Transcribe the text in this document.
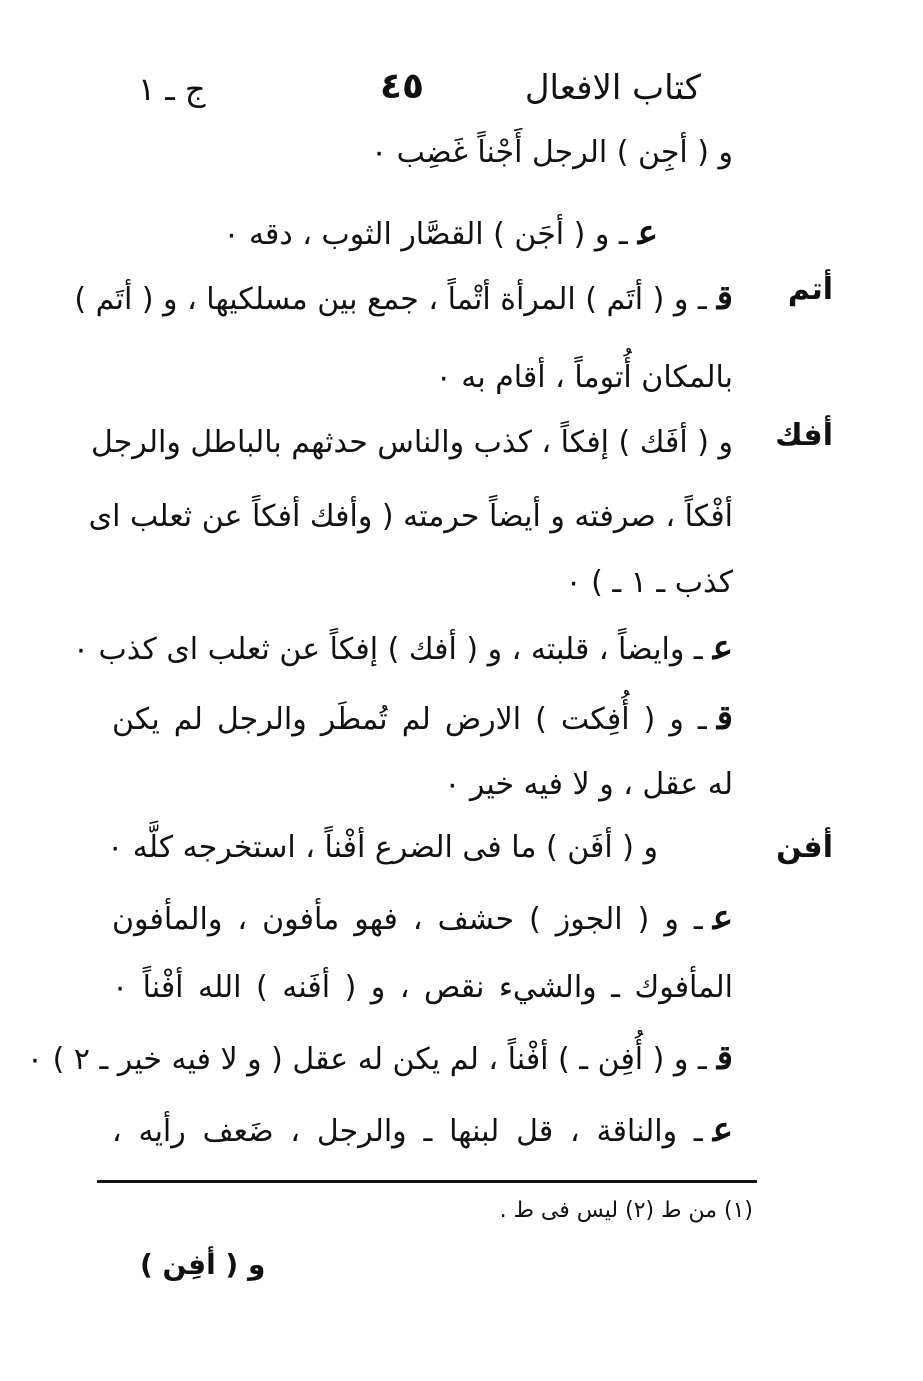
كتاب الافعال
٤٥
ج ـ ١
أتم
أفك
أفن
و ( أجِن ) الرجل أَجْناً غَضِب ٠
عـ و ( أجَن ) القصَّار الثوب ، دقه ٠
قـ و ( أتَم ) المرأة أتْماً ، جمع بين مسلكيها ، و ( أتَم )
بالمكان أُتوماً ، أقام به ٠
و ( أفَك ) إفكاً ، كذب والناس حدثهم بالباطل والرجل
أفْكاً ، صرفته و أيضاً حرمته ( وأفك أفكاً عن ثعلب اى
كذب ـ ١ ـ ) ٠
عـ وايضاً ، قلبته ، و ( أفك ) إفكاً عن ثعلب اى كذب ٠
قـ و ( أُفِكت ) الارض لم تُمطَر والرجل لم يكن
له عقل ، و لا فيه خير ٠
و ( أفَن ) ما فى الضرع أفْناً ، استخرجه كلَّه ٠
عـ و ( الجوز ) حشف ، فهو مأفون ، والمأفون
المأفوك ـ والشيء نقص ، و ( أفَنه ) الله أفْناً ٠
قـ و ( أُفِن ـ ) أفْناً ، لم يكن له عقل ( و لا فيه خير ـ ٢ ) ٠
عـ والناقة ، قل لبنها ـ والرجل ، ضَعف رأيه ،
(١) من ط (٢) ليس فى ط .
و ( أفِن )
